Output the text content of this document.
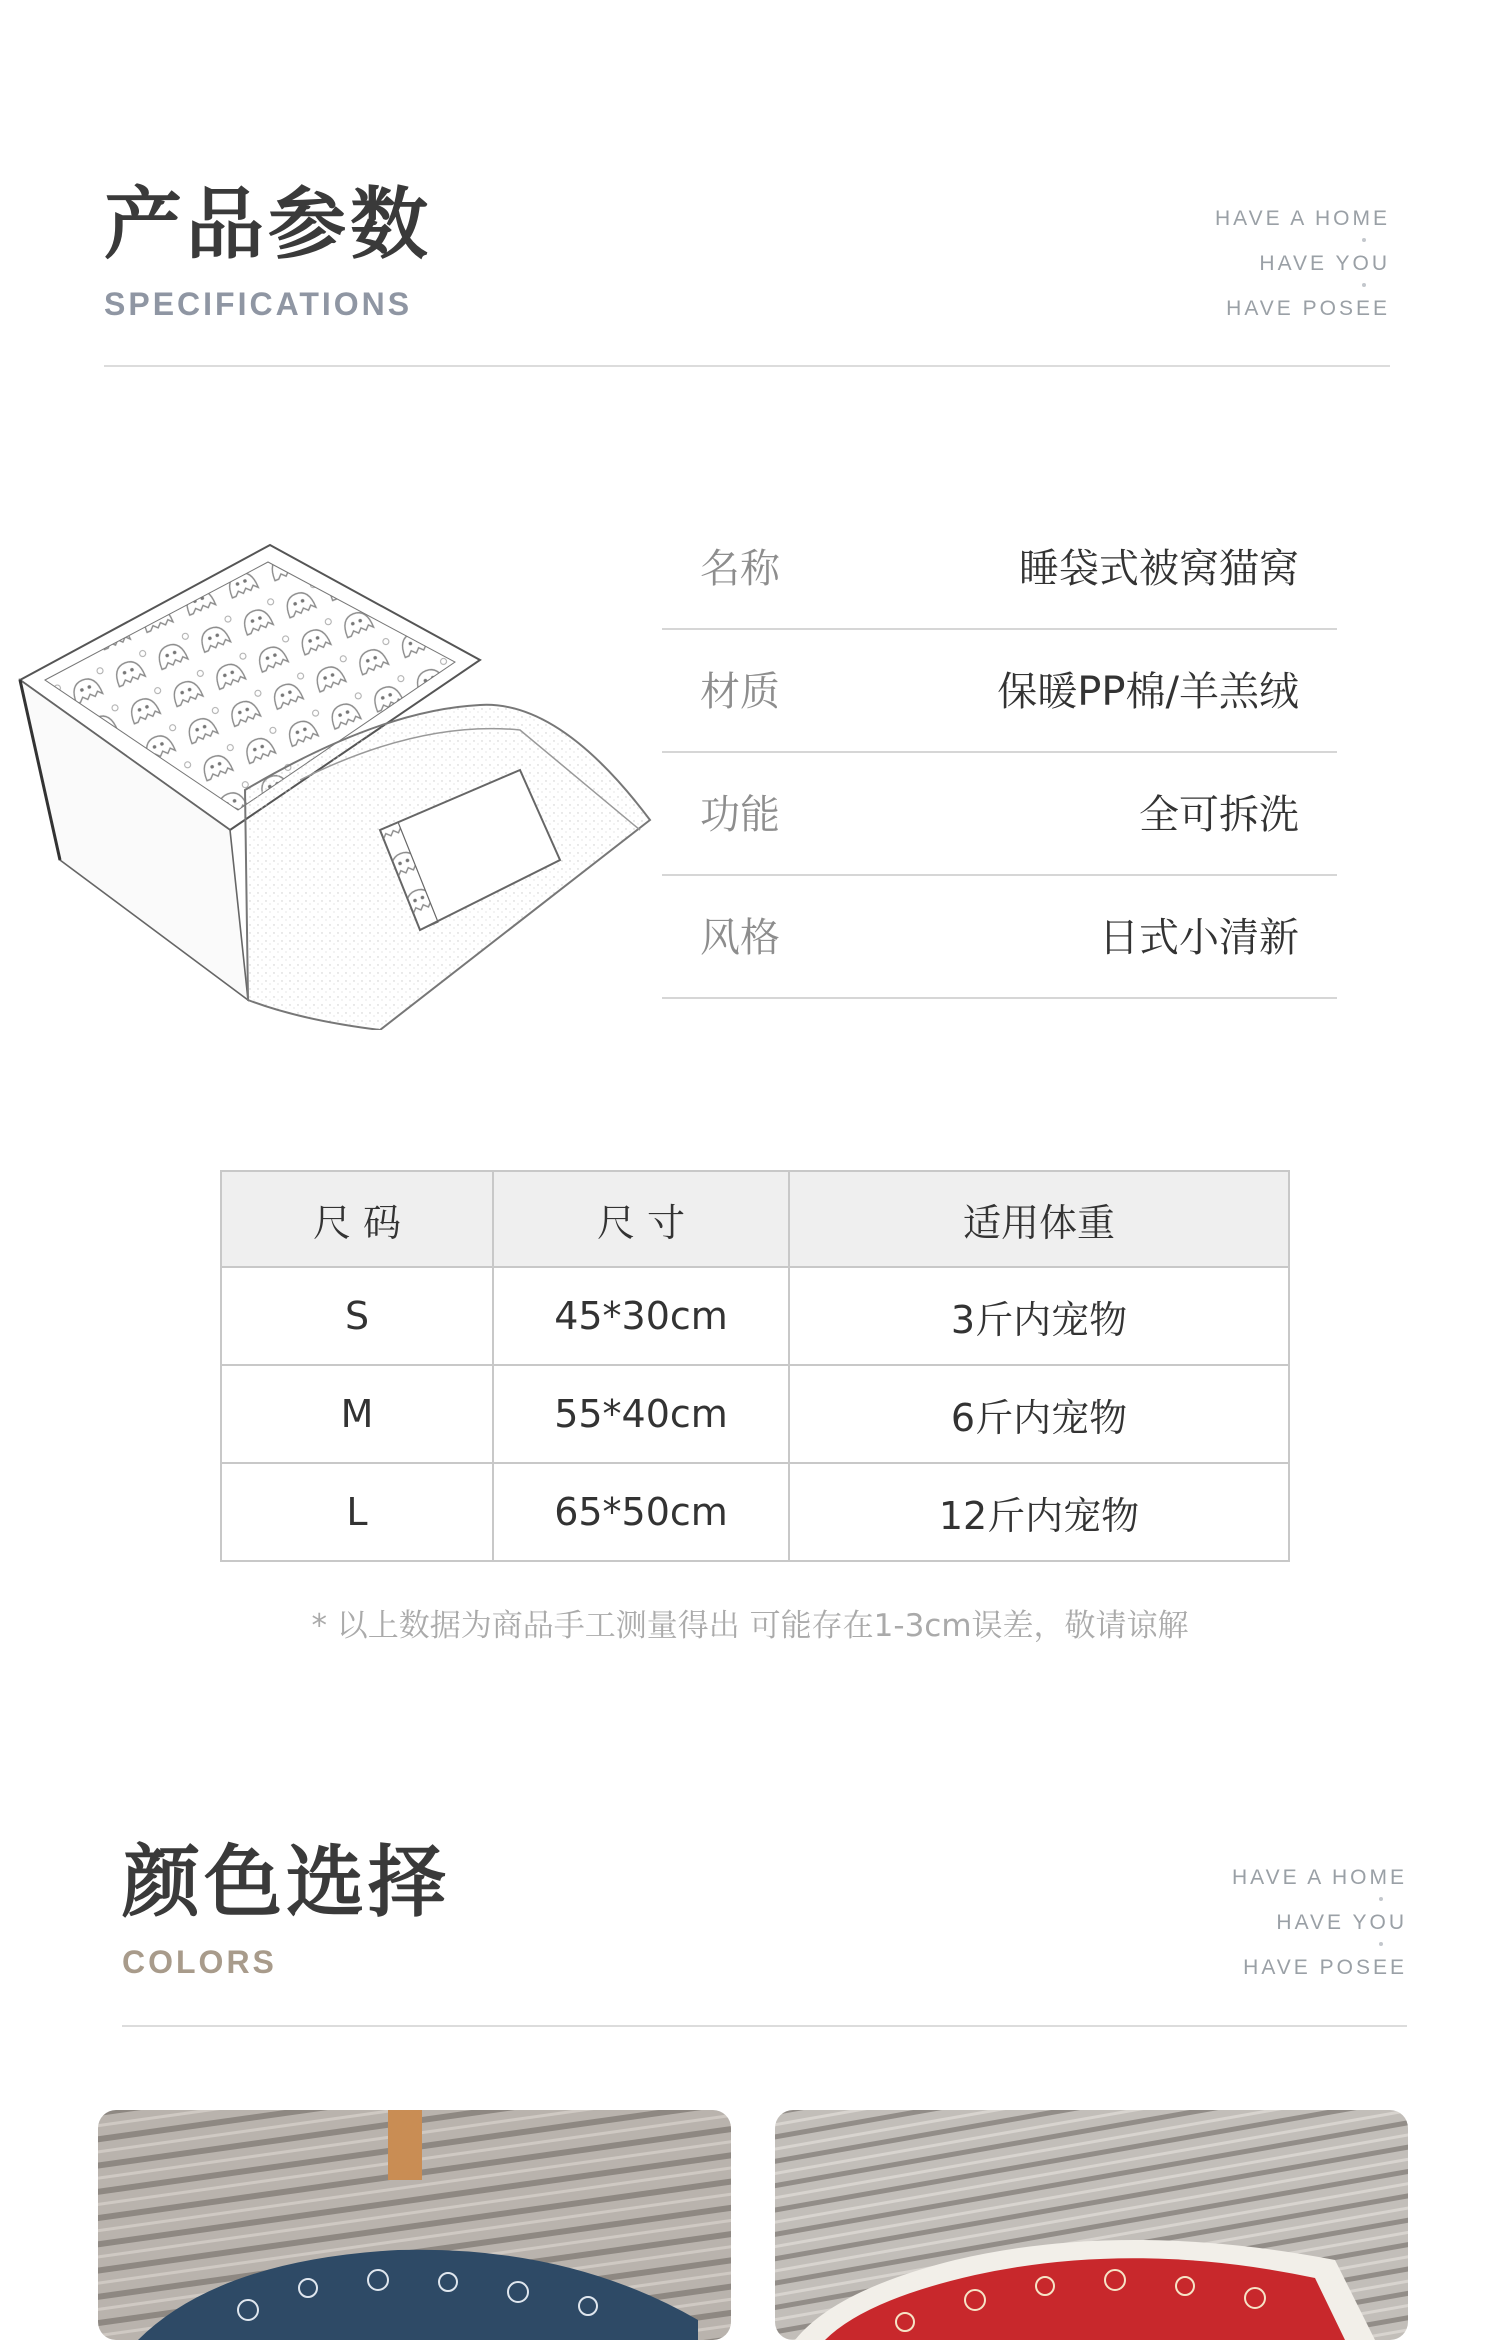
产品参数
SPECIFICATIONS
HAVE A HOME
HAVE YOU
HAVE POSEE
名称	睡袋式被窝猫窝
材质	保暖PP棉/羊羔绒
功能	全可拆洗
风格	日式小清新
尺 码	尺 寸	适用体重
S	45*30cm	3斤内宠物
M	55*40cm	6斤内宠物
L	65*50cm	12斤内宠物
* 以上数据为商品手工测量得出 可能存在1-3cm误差，敬请谅解
颜色选择
COLORS
HAVE A HOME
HAVE YOU
HAVE POSEE
